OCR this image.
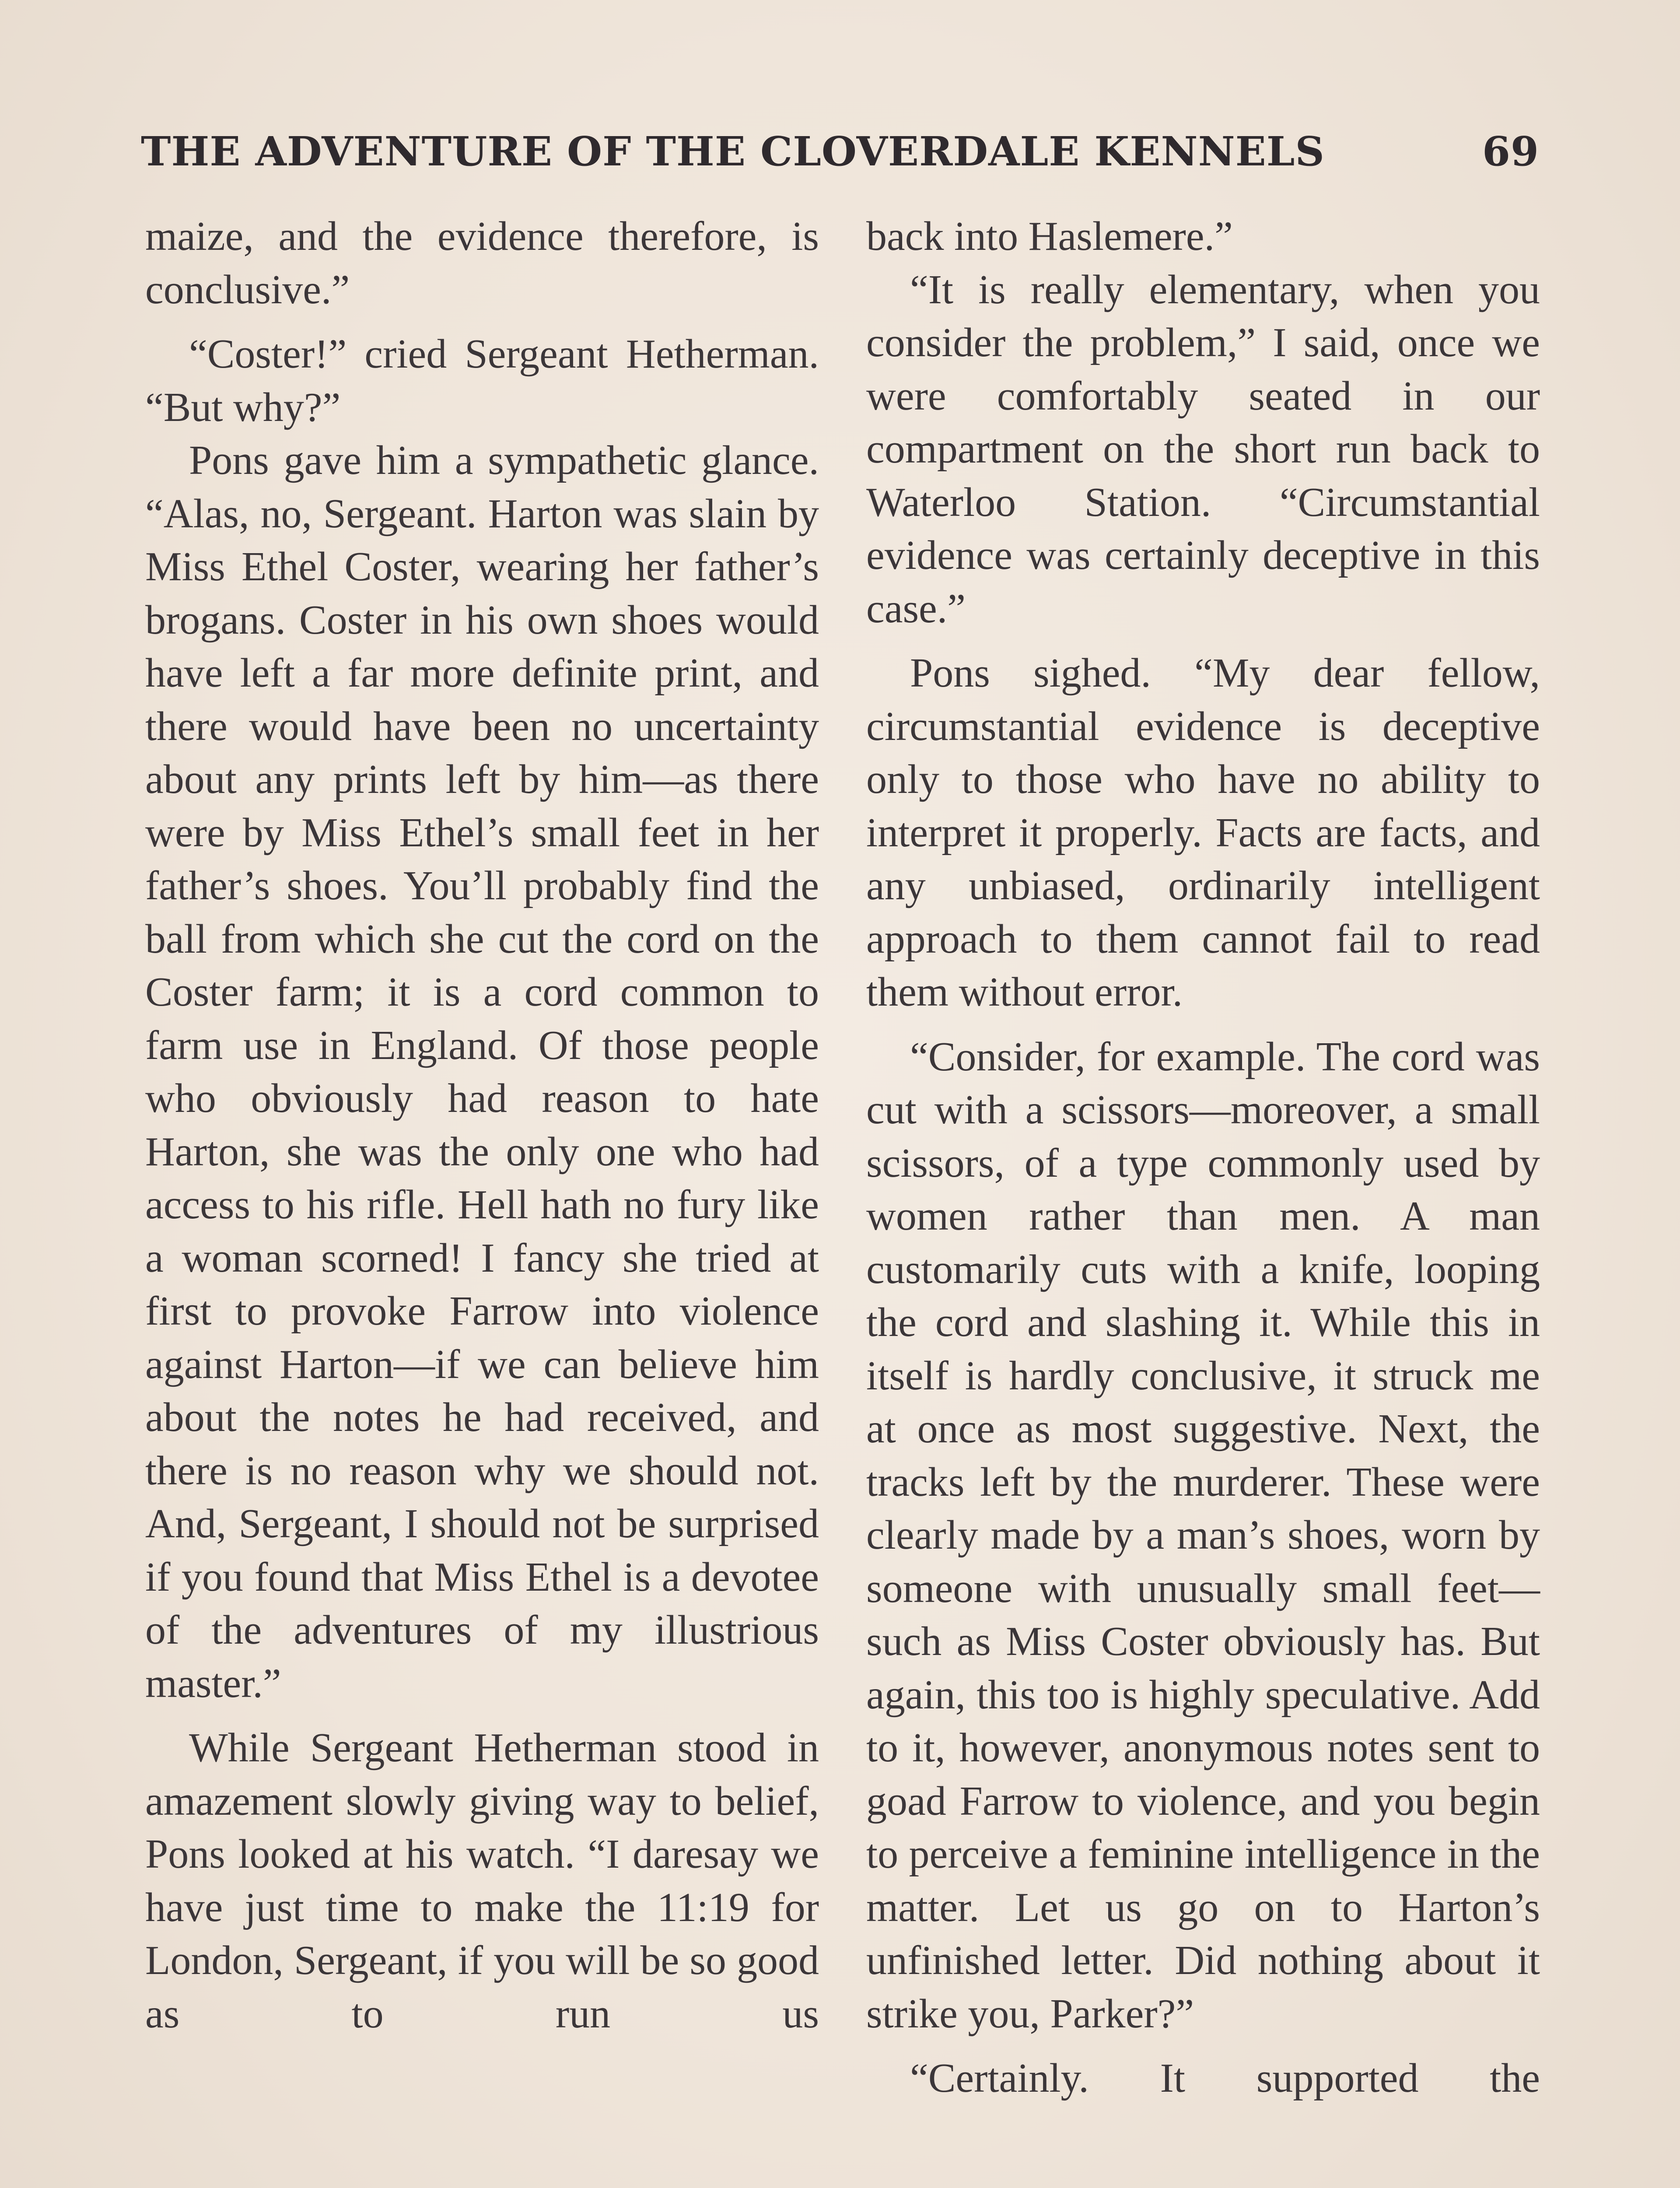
THE ADVENTURE OF THE CLOVERDALE KENNELS	69

maize, and the evidence therefore, is conclusive.”

“Coster!” cried Sergeant Hetherman. “But why?”

Pons gave him a sympathetic glance. “Alas, no, Sergeant. Harton was slain by Miss Ethel Coster, wearing her father’s brogans. Coster in his own shoes would have left a far more definite print, and there would have been no uncertainty about any prints left by him—as there were by Miss Ethel’s small feet in her father’s shoes. You’ll probably find the ball from which she cut the cord on the Coster farm; it is a cord common to farm use in England. Of those people who obviously had reason to hate Harton, she was the only one who had access to his rifle. Hell hath no fury like a woman scorned! I fancy she tried at first to provoke Farrow into violence against Harton—if we can believe him about the notes he had received, and there is no reason why we should not. And, Sergeant, I should not be surprised if you found that Miss Ethel is a devotee of the adventures of my illustrious master.”

While Sergeant Hetherman stood in amazement slowly giving way to belief, Pons looked at his watch. “I daresay we have just time to make the 11:19 for London, Sergeant, if you will be so good as to run us

back into Haslemere.”

“It is really elementary, when you consider the problem,” I said, once we were comfortably seated in our compartment on the short run back to Waterloo Station. “Circumstantial evidence was certainly deceptive in this case.”

Pons sighed. “My dear fellow, circumstantial evidence is deceptive only to those who have no ability to interpret it properly. Facts are facts, and any unbiased, ordinarily intelligent approach to them cannot fail to read them without error.

“Consider, for example. The cord was cut with a scissors—moreover, a small scissors, of a type commonly used by women rather than men. A man customarily cuts with a knife, looping the cord and slashing it. While this in itself is hardly conclusive, it struck me at once as most suggestive. Next, the tracks left by the murderer. These were clearly made by a man’s shoes, worn by someone with unusually small feet—such as Miss Coster obviously has. But again, this too is highly speculative. Add to it, however, anonymous notes sent to goad Farrow to violence, and you begin to perceive a feminine intelligence in the matter. Let us go on to Harton’s unfinished letter. Did nothing about it strike you, Parker?”

“Certainly. It supported the
